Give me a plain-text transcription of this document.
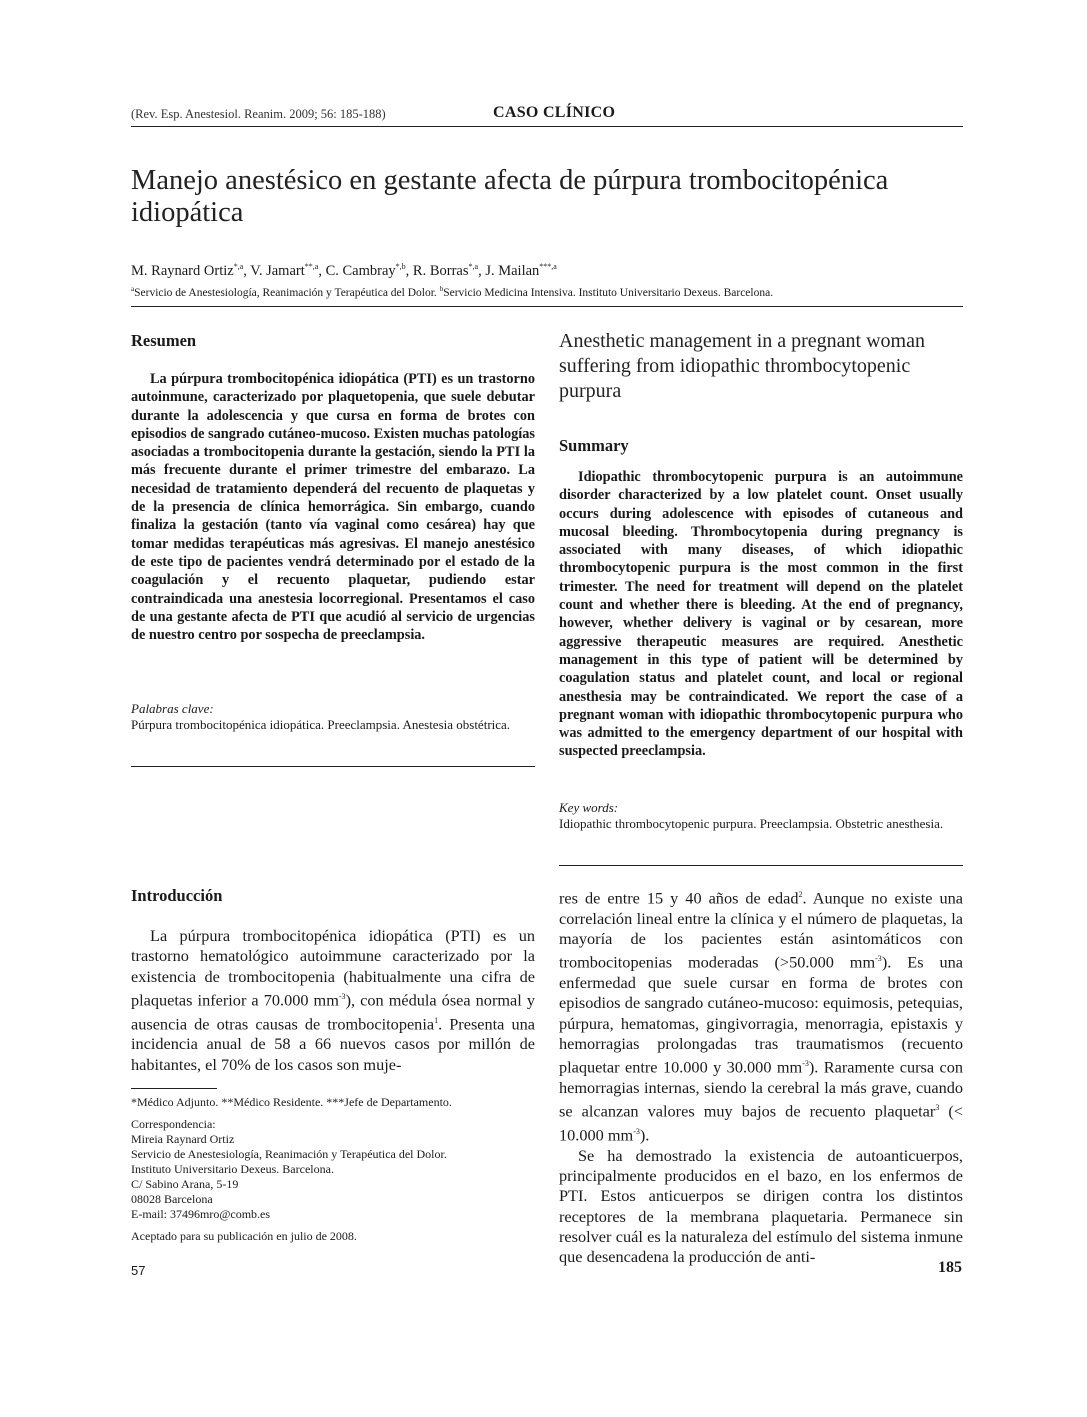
(Rev. Esp. Anestesiol. Reanim. 2009; 56: 185-188)	CASO CLÍNICO
Manejo anestésico en gestante afecta de púrpura trombocitopénica idiopática
M. Raynard Ortiz$^{*,a}$, V. Jamart$^{**,a}$, C. Cambray$^{*,b}$, R. Borras$^{*,a}$, J. Mailan$^{***,a}$
$^a$Servicio de Anestesiología, Reanimación y Terapéutica del Dolor. $^b$Servicio Medicina Intensiva. Instituto Universitario Dexeus. Barcelona.
Resumen

La púrpura trombocitopénica idiopática (PTI) es un trastorno autoinmune, caracterizado por plaquetopenia, que suele debutar durante la adolescencia y que cursa en forma de brotes con episodios de sangrado cutáneo-mucoso. Existen muchas patologías asociadas a trombocitopenia durante la gestación, siendo la PTI la más frecuente durante el primer trimestre del embarazo. La necesidad de tratamiento dependerá del recuento de plaquetas y de la presencia de clínica hemorrágica. Sin embargo, cuando finaliza la gestación (tanto vía vaginal como cesárea) hay que tomar medidas terapéuticas más agresivas. El manejo anestésico de este tipo de pacientes vendrá determinado por el estado de la coagulación y el recuento plaquetar, pudiendo estar contraindicada una anestesia locorregional. Presentamos el caso de una gestante afecta de PTI que acudió al servicio de urgencias de nuestro centro por sospecha de preeclampsia.

Palabras clave:
Púrpura trombocitopénica idiopática. Preeclampsia. Anestesia obstétrica.
Anesthetic management in a pregnant woman suffering from idiopathic thrombocytopenic purpura
Summary

Idiopathic thrombocytopenic purpura is an autoimmune disorder characterized by a low platelet count. Onset usually occurs during adolescence with episodes of cutaneous and mucosal bleeding. Thrombocytopenia during pregnancy is associated with many diseases, of which idiopathic thrombocytopenic purpura is the most common in the first trimester. The need for treatment will depend on the platelet count and whether there is bleeding. At the end of pregnancy, however, whether delivery is vaginal or by cesarean, more aggressive therapeutic measures are required. Anesthetic management in this type of patient will be determined by coagulation status and platelet count, and local or regional anesthesia may be contraindicated. We report the case of a pregnant woman with idiopathic thrombocytopenic purpura who was admitted to the emergency department of our hospital with suspected preeclampsia.

Key words:
Idiopathic thrombocytopenic purpura. Preeclampsia. Obstetric anesthesia.
Introducción

La púrpura trombocitopénica idiopática (PTI) es un trastorno hematológico autoimmune caracterizado por la existencia de trombocitopenia (habitualmente una cifra de plaquetas inferior a 70.000 $mm^{-3}$), con médula ósea normal y ausencia de otras causas de trombocitopenia$^1$. Presenta una incidencia anual de 58 a 66 nuevos casos por millón de habitantes, el 70% de los casos son muje-

res de entre 15 y 40 años de edad$^2$. Aunque no existe una correlación lineal entre la clínica y el número de plaquetas, la mayoría de los pacientes están asintomáticos con trombocitopenias moderadas (>50.000 $mm^{-3}$). Es una enfermedad que suele cursar en forma de brotes con episodios de sangrado cutáneo-mucoso: equimosis, petequias, púrpura, hematomas, gingivorragia, menorragia, epistaxis y hemorragias prolongadas tras traumatismos (recuento plaquetar entre 10.000 y 30.000 $mm^{-3}$). Raramente cursa con hemorragias internas, siendo la cerebral la más grave, cuando se alcanzan valores muy bajos de recuento plaquetar$^3$ (< 10.000 $mm^{-3}$).

Se ha demostrado la existencia de autoanticuerpos, principalmente producidos en el bazo, en los enfermos de PTI. Estos anticuerpos se dirigen contra los distintos receptores de la membrana plaquetaria. Permanece sin resolver cuál es la naturaleza del estímulo del sistema inmune que desencadena la producción de anti-

*Médico Adjunto. **Médico Residente. ***Jefe de Departamento.
Correspondencia:
Mireia Raynard Ortiz
Servicio de Anestesiología, Reanimación y Terapéutica del Dolor.
Instituto Universitario Dexeus. Barcelona.
C/ Sabino Arana, 5-19
08028 Barcelona
E-mail: 37496mro@comb.es
Aceptado para su publicación en julio de 2008.
57	185
